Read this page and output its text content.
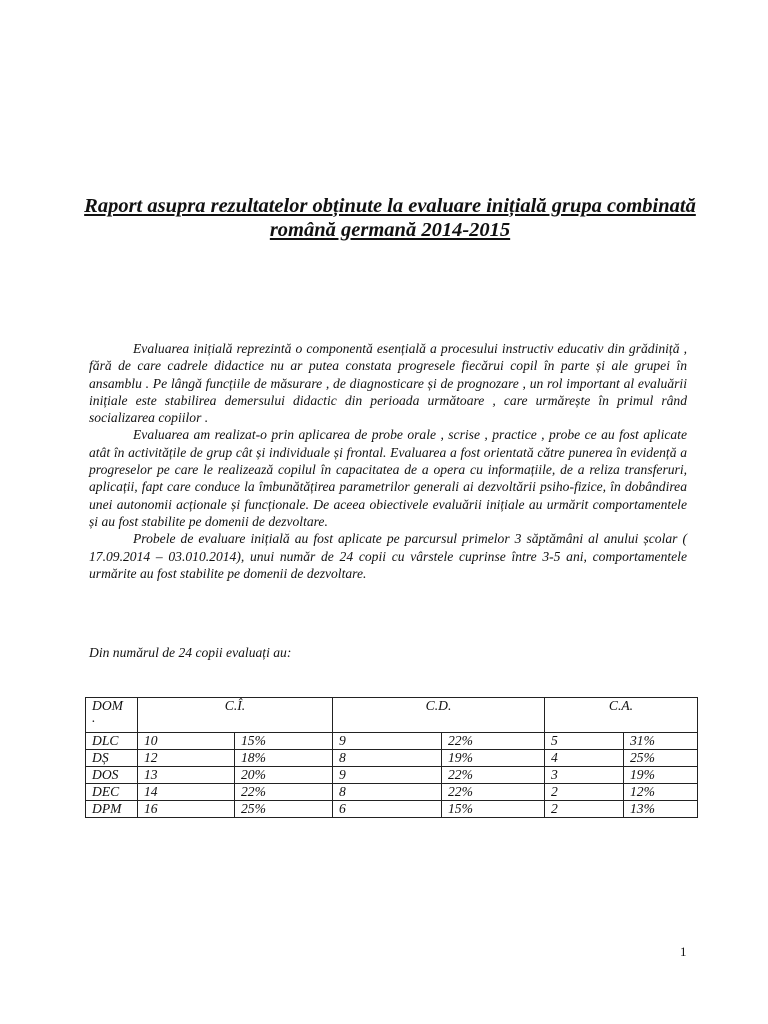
Raport asupra rezultatelor obținute la evaluare inițială grupa combinată română germană 2014-2015

Evaluarea inițială reprezintă o componentă esențială a procesului instructiv educativ din grădiniță , fără de care cadrele didactice nu ar putea constata progresele fiecărui copil în parte și ale grupei în ansamblu . Pe lângă funcțiile de măsurare , de diagnosticare și de prognozare , un rol important al evaluării inițiale este stabilirea demersului didactic din perioada următoare , care urmărește în primul rând socializarea copiilor .

Evaluarea am realizat-o prin aplicarea de probe orale , scrise , practice , probe ce au fost aplicate atât în activitățile de grup cât și individuale și frontal. Evaluarea a fost orientată către punerea în evidență a progreselor pe care le realizează copilul în capacitatea de a opera cu informațiile, de a reliza transferuri, aplicații, fapt care conduce la îmbunătățirea parametrilor generali ai dezvoltării psiho-fizice, în dobândirea unei autonomii acționale și funcționale. De aceea obiectivele evaluării inițiale au urmărit comportamentele și au fost stabilite pe domenii de dezvoltare.

Probele de evaluare inițială au fost aplicate pe parcursul primelor 3 săptămâni al anului școlar ( 17.09.2014 – 03.010.2014), unui număr de 24 copii cu vârstele cuprinse între 3-5 ani, comportamentele urmărite au fost stabilite pe domenii de dezvoltare.

Din numărul de 24 copii evaluați au:
DOM
.	C.Î.		C.D.		C.A.	
DLC	10	15%	9	22%	5	31%
DȘ	12	18%	8	19%	4	25%
DOS	13	20%	9	22%	3	19%
DEC	14	22%	8	22%	2	12%
DPM	16	25%	6	15%	2	13%
1
